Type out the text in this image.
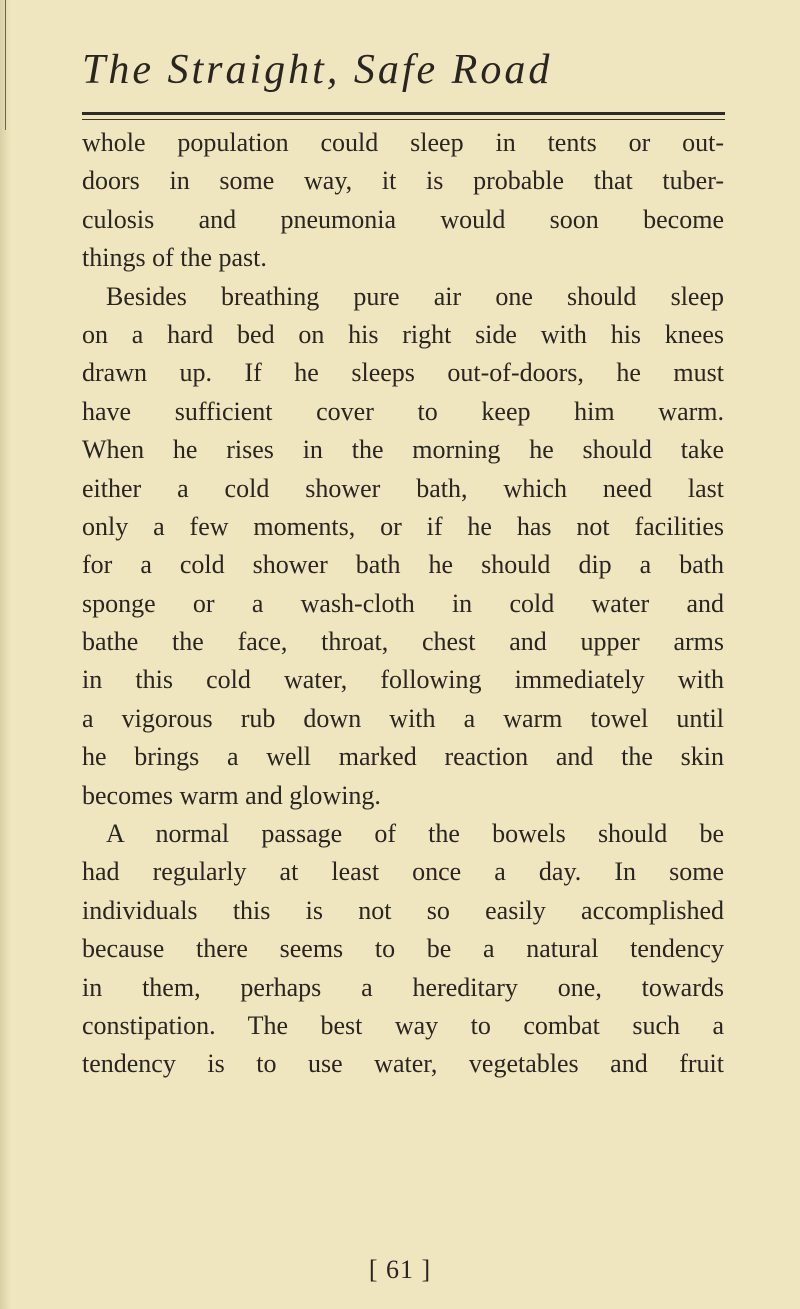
The Straight, Safe Road
whole population could sleep in tents or out-
doors in some way, it is probable that tuber-
culosis and pneumonia would soon become
things of the past.
Besides breathing pure air one should sleep
on a hard bed on his right side with his knees
drawn up. If he sleeps out-of-doors, he must
have sufficient cover to keep him warm.
When he rises in the morning he should take
either a cold shower bath, which need last
only a few moments, or if he has not facilities
for a cold shower bath he should dip a bath
sponge or a wash-cloth in cold water and
bathe the face, throat, chest and upper arms
in this cold water, following immediately with
a vigorous rub down with a warm towel until
he brings a well marked reaction and the skin
becomes warm and glowing.
A normal passage of the bowels should be
had regularly at least once a day. In some
individuals this is not so easily accomplished
because there seems to be a natural tendency
in them, perhaps a hereditary one, towards
constipation. The best way to combat such a
tendency is to use water, vegetables and fruit
[ 61 ]
